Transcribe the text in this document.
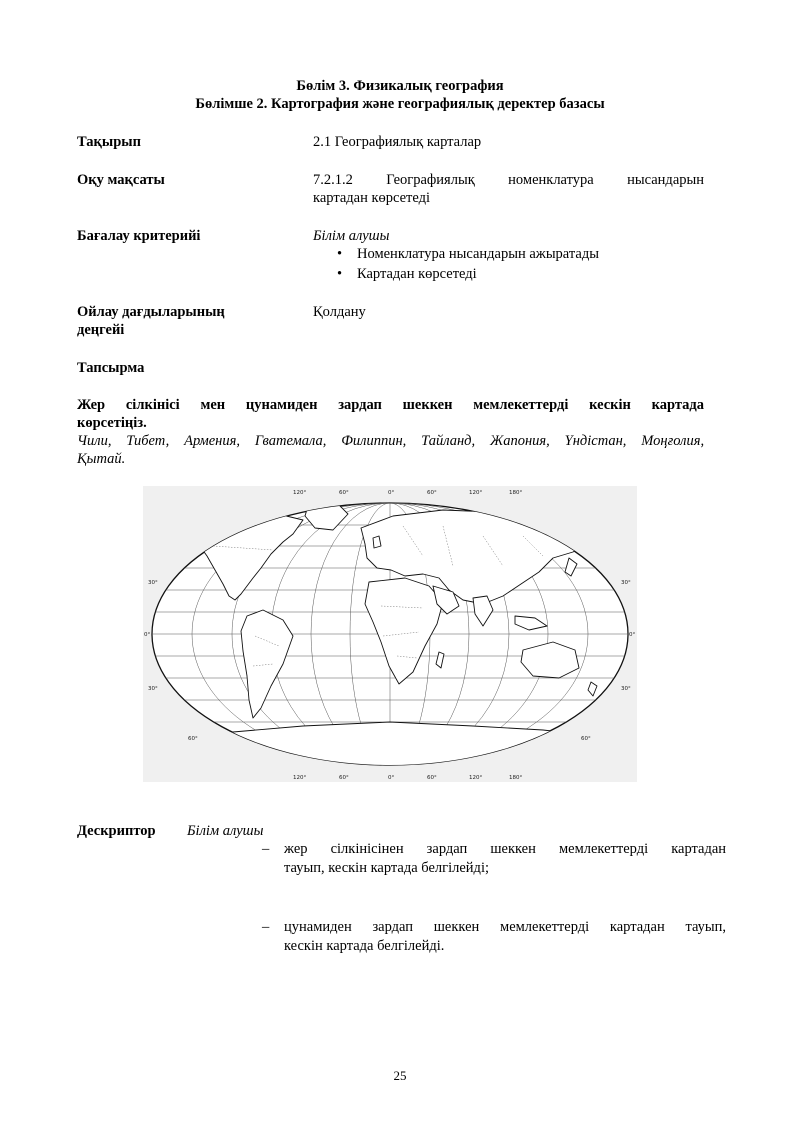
Бөлім 3. Физикалық география
Бөлімше 2. Картография және географиялық деректер базасы
Тақырып	2.1 Географиялық карталар
Оқу мақсаты	7.2.1.2 Географиялық номенклатура нысандарын
картадан көрсетеді
Бағалау критерийі	Білім алушы
• Номенклатура нысандарын ажыратады
• Картадан көрсетеді
Ойлау дағдыларының
деңгейі
Қолдану
Тапсырма
Жер сілкінісі мен цунамиден зардап шеккен мемлекеттерді кескін картада
көрсетіңіз.
Чили, Тибет, Армения, Гватемала, Филиппин, Тайланд, Жапония, Үндістан, Моңғолия,
Қытай.
120°	60°	0°	60°	120°	180°
120°	60°	0°	60°	120°	180°
30°
0°
30°
60°
30°
0°
30°
60°
Дескриптор Білім алушы
– жер сілкінісінен зардап шеккен мемлекеттерді картадан
тауып, кескін картада белгілейді;
– цунамиден зардап шеккен мемлекеттерді картадан тауып,
кескін картада белгілейді.
25
